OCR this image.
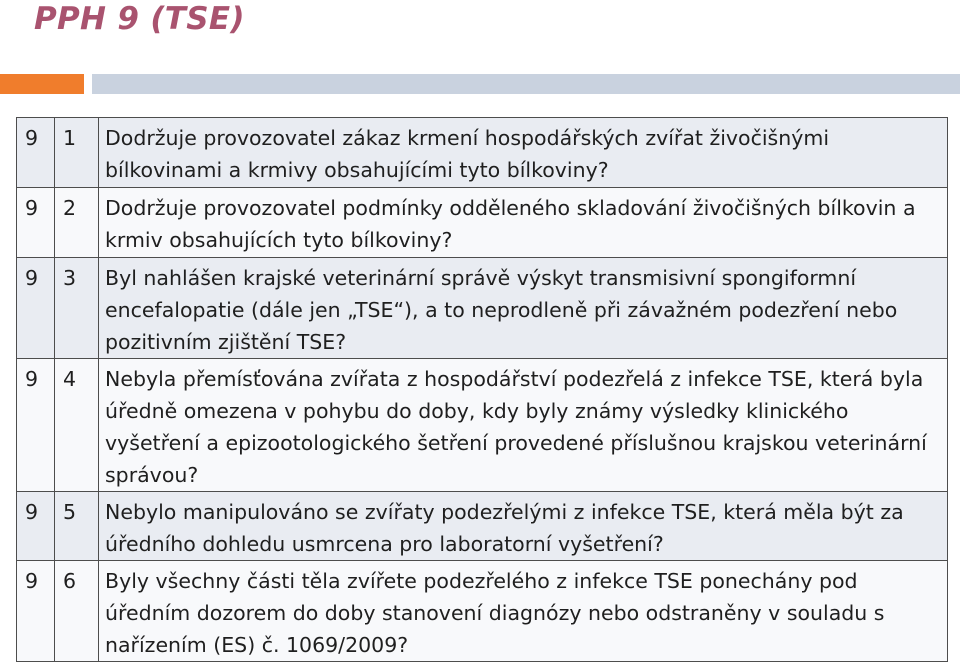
PPH 9 (TSE)
9	1	Dodržuje provozovatel zákaz krmení hospodářských zvířat živočišnými bílkovinami a krmivy obsahujícími tyto bílkoviny?
9	2	Dodržuje provozovatel podmínky odděleného skladování živočišných bílkovin a krmiv obsahujících tyto bílkoviny?
9	3	Byl nahlášen krajské veterinární správě výskyt transmisivní spongiformní encefalopatie (dále jen „TSE“), a to neprodleně při závažném podezření nebo pozitivním zjištění TSE?
9	4	Nebyla přemísťována zvířata z hospodářství podezřelá z infekce TSE, která byla úředně omezena v pohybu do doby, kdy byly známy výsledky klinického vyšetření a epizootologického šetření provedené příslušnou krajskou veterinární správou?
9	5	Nebylo manipulováno se zvířaty podezřelými z infekce TSE, která měla být za úředního dohledu usmrcena pro laboratorní vyšetření?
9	6	Byly všechny části těla zvířete podezřelého z infekce TSE ponechány pod úředním dozorem do doby stanovení diagnózy nebo odstraněny v souladu s nařízením (ES) č. 1069/2009?
